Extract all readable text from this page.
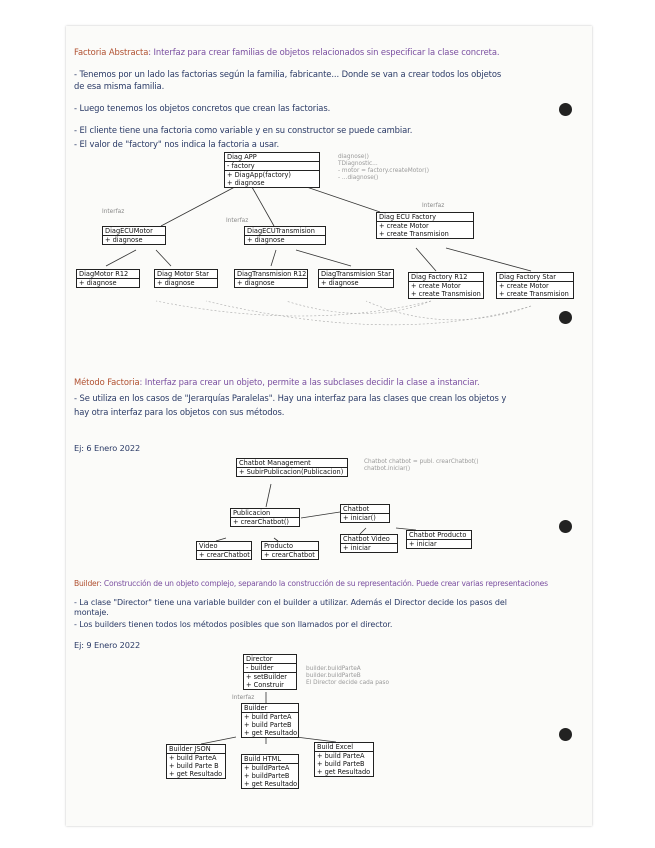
Factoria Abstracta: Interfaz para crear familias de objetos relacionados sin especificar la clase concreta.
- Tenemos por un lado las factorias según la familia, fabricante... Donde se van a crear todos los objetos
de esa misma familia.
- Luego tenemos los objetos concretos que crean las factorias.
- El cliente tiene una factoria como variable y en su constructor se puede cambiar.
- El valor de "factory" nos indica la factoria a usar.
Diag APP
- factory
+ DiagApp(factory)
+ diagnose
diagnose()
TDiagnostic...
- motor = factory.createMotor()
- ...diagnose()
Interfaz
Interfaz
Interfaz
Diag ECU Factory
+ create Motor
+ create Transmision
DiagECUMotor
+ diagnose
DiagECUTransmision
+ diagnose
DiagMotor R12
+ diagnose
Diag Motor Star
+ diagnose
DiagTransmision R12
+ diagnose
DiagTransmision Star
+ diagnose
Diag Factory R12
+ create Motor
+ create Transmision
Diag Factory Star
+ create Motor
+ create Transmision
Método Factoria: Interfaz para crear un objeto, permite a las subclases decidir la clase a instanciar.
- Se utiliza en los casos de "Jerarquías Paralelas". Hay una interfaz para las clases que crean los objetos y
hay otra interfaz para los objetos con sus métodos.
Ej: 6 Enero 2022
Chatbot Management
+ SubirPublicacion(Publicacion)
Chatbot chatbot = publ. crearChatbot()
chatbot.iniciar()
Publicacion
+ crearChatbot()
Chatbot
+ iniciar()
Video
+ crearChatbot
Producto
+ crearChatbot
Chatbot Video
+ iniciar
Chatbot Producto
+ iniciar
Builder: Construcción de un objeto complejo, separando la construcción de su representación. Puede crear varias representaciones
- La clase "Director" tiene una variable builder con el builder a utilizar. Además el Director decide los pasos del
montaje.
- Los builders tienen todos los métodos posibles que son llamados por el director.
Ej: 9 Enero 2022
Director
- builder
+ setBuilder
+ Construir
builder.buildParteA
builder.buildParteB
El Director decide cada paso
Interfaz
Builder
+ build ParteA
+ build ParteB
+ get Resultado
Builder JSON
+ build ParteA
+ build Parte B
+ get Resultado
Build HTML
+ buildParteA
+ buildParteB
+ get Resultado
Build Excel
+ build ParteA
+ build ParteB
+ get Resultado
